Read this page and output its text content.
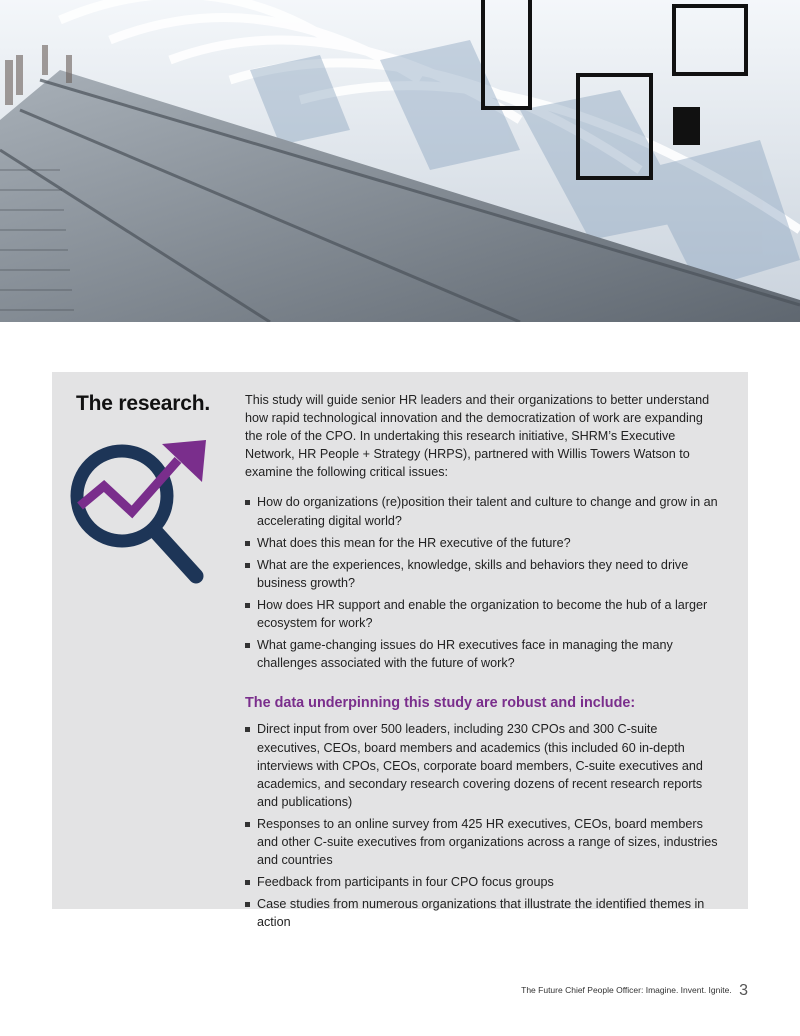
The research.	This study will guide senior HR leaders and their organizations to better understand how rapid technological innovation and the democratization of work are expanding the role of the CPO. In undertaking this research initiative, SHRM’s Executive Network, HR People + Strategy (HRPS), partnered with Willis Towers Watson to examine the following critical issues:

How do organizations (re)position their talent and culture to change and grow in an accelerating digital world?
What does this mean for the HR executive of the future?
What are the experiences, knowledge, skills and behaviors they need to drive business growth?
How does HR support and enable the organization to become the hub of a larger ecosystem for work?
What game-changing issues do HR executives face in managing the many challenges associated with the future of work?
The data underpinning this study are robust and include:
Direct input from over 500 leaders, including 230 CPOs and 300 C-suite executives, CEOs, board members and academics (this included 60 in-depth interviews with CPOs, CEOs, corporate board members, C-suite executives and academics, and secondary research covering dozens of recent research reports and publications)
Responses to an online survey from 425 HR executives, CEOs, board members and other C-suite executives from organizations across a range of sizes, industries and countries
Feedback from participants in four CPO focus groups
Case studies from numerous organizations that illustrate the identified themes in action
The Future Chief People Officer: Imagine. Invent. Ignite. 3
